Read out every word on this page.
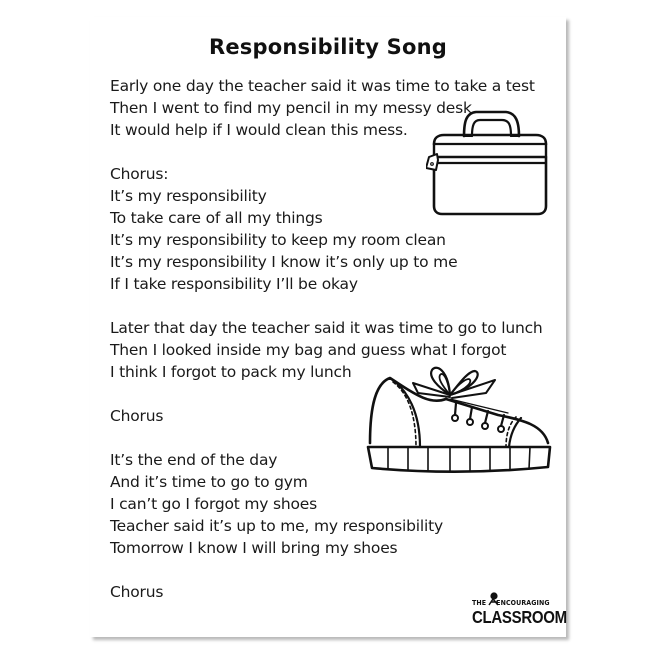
Responsibility Song
Early one day the teacher said it was time to take a test
Then I went to find my pencil in my messy desk
It would help if I would clean this mess.
Chorus:
It’s my responsibility
To take care of all my things
It’s my responsibility to keep my room clean
It’s my responsibility I know it’s only up to me
If I take responsibility I’ll be okay
Later that day the teacher said it was time to go to lunch
Then I looked inside my bag and guess what I forgot
I think I forgot to pack my lunch
Chorus
It’s the end of the day
And it’s time to go to gym
I can’t go I forgot my shoes
Teacher said it’s up to me, my responsibility
Tomorrow I know I will bring my shoes
Chorus
THE ENCOURAGING
CLASSROOM
